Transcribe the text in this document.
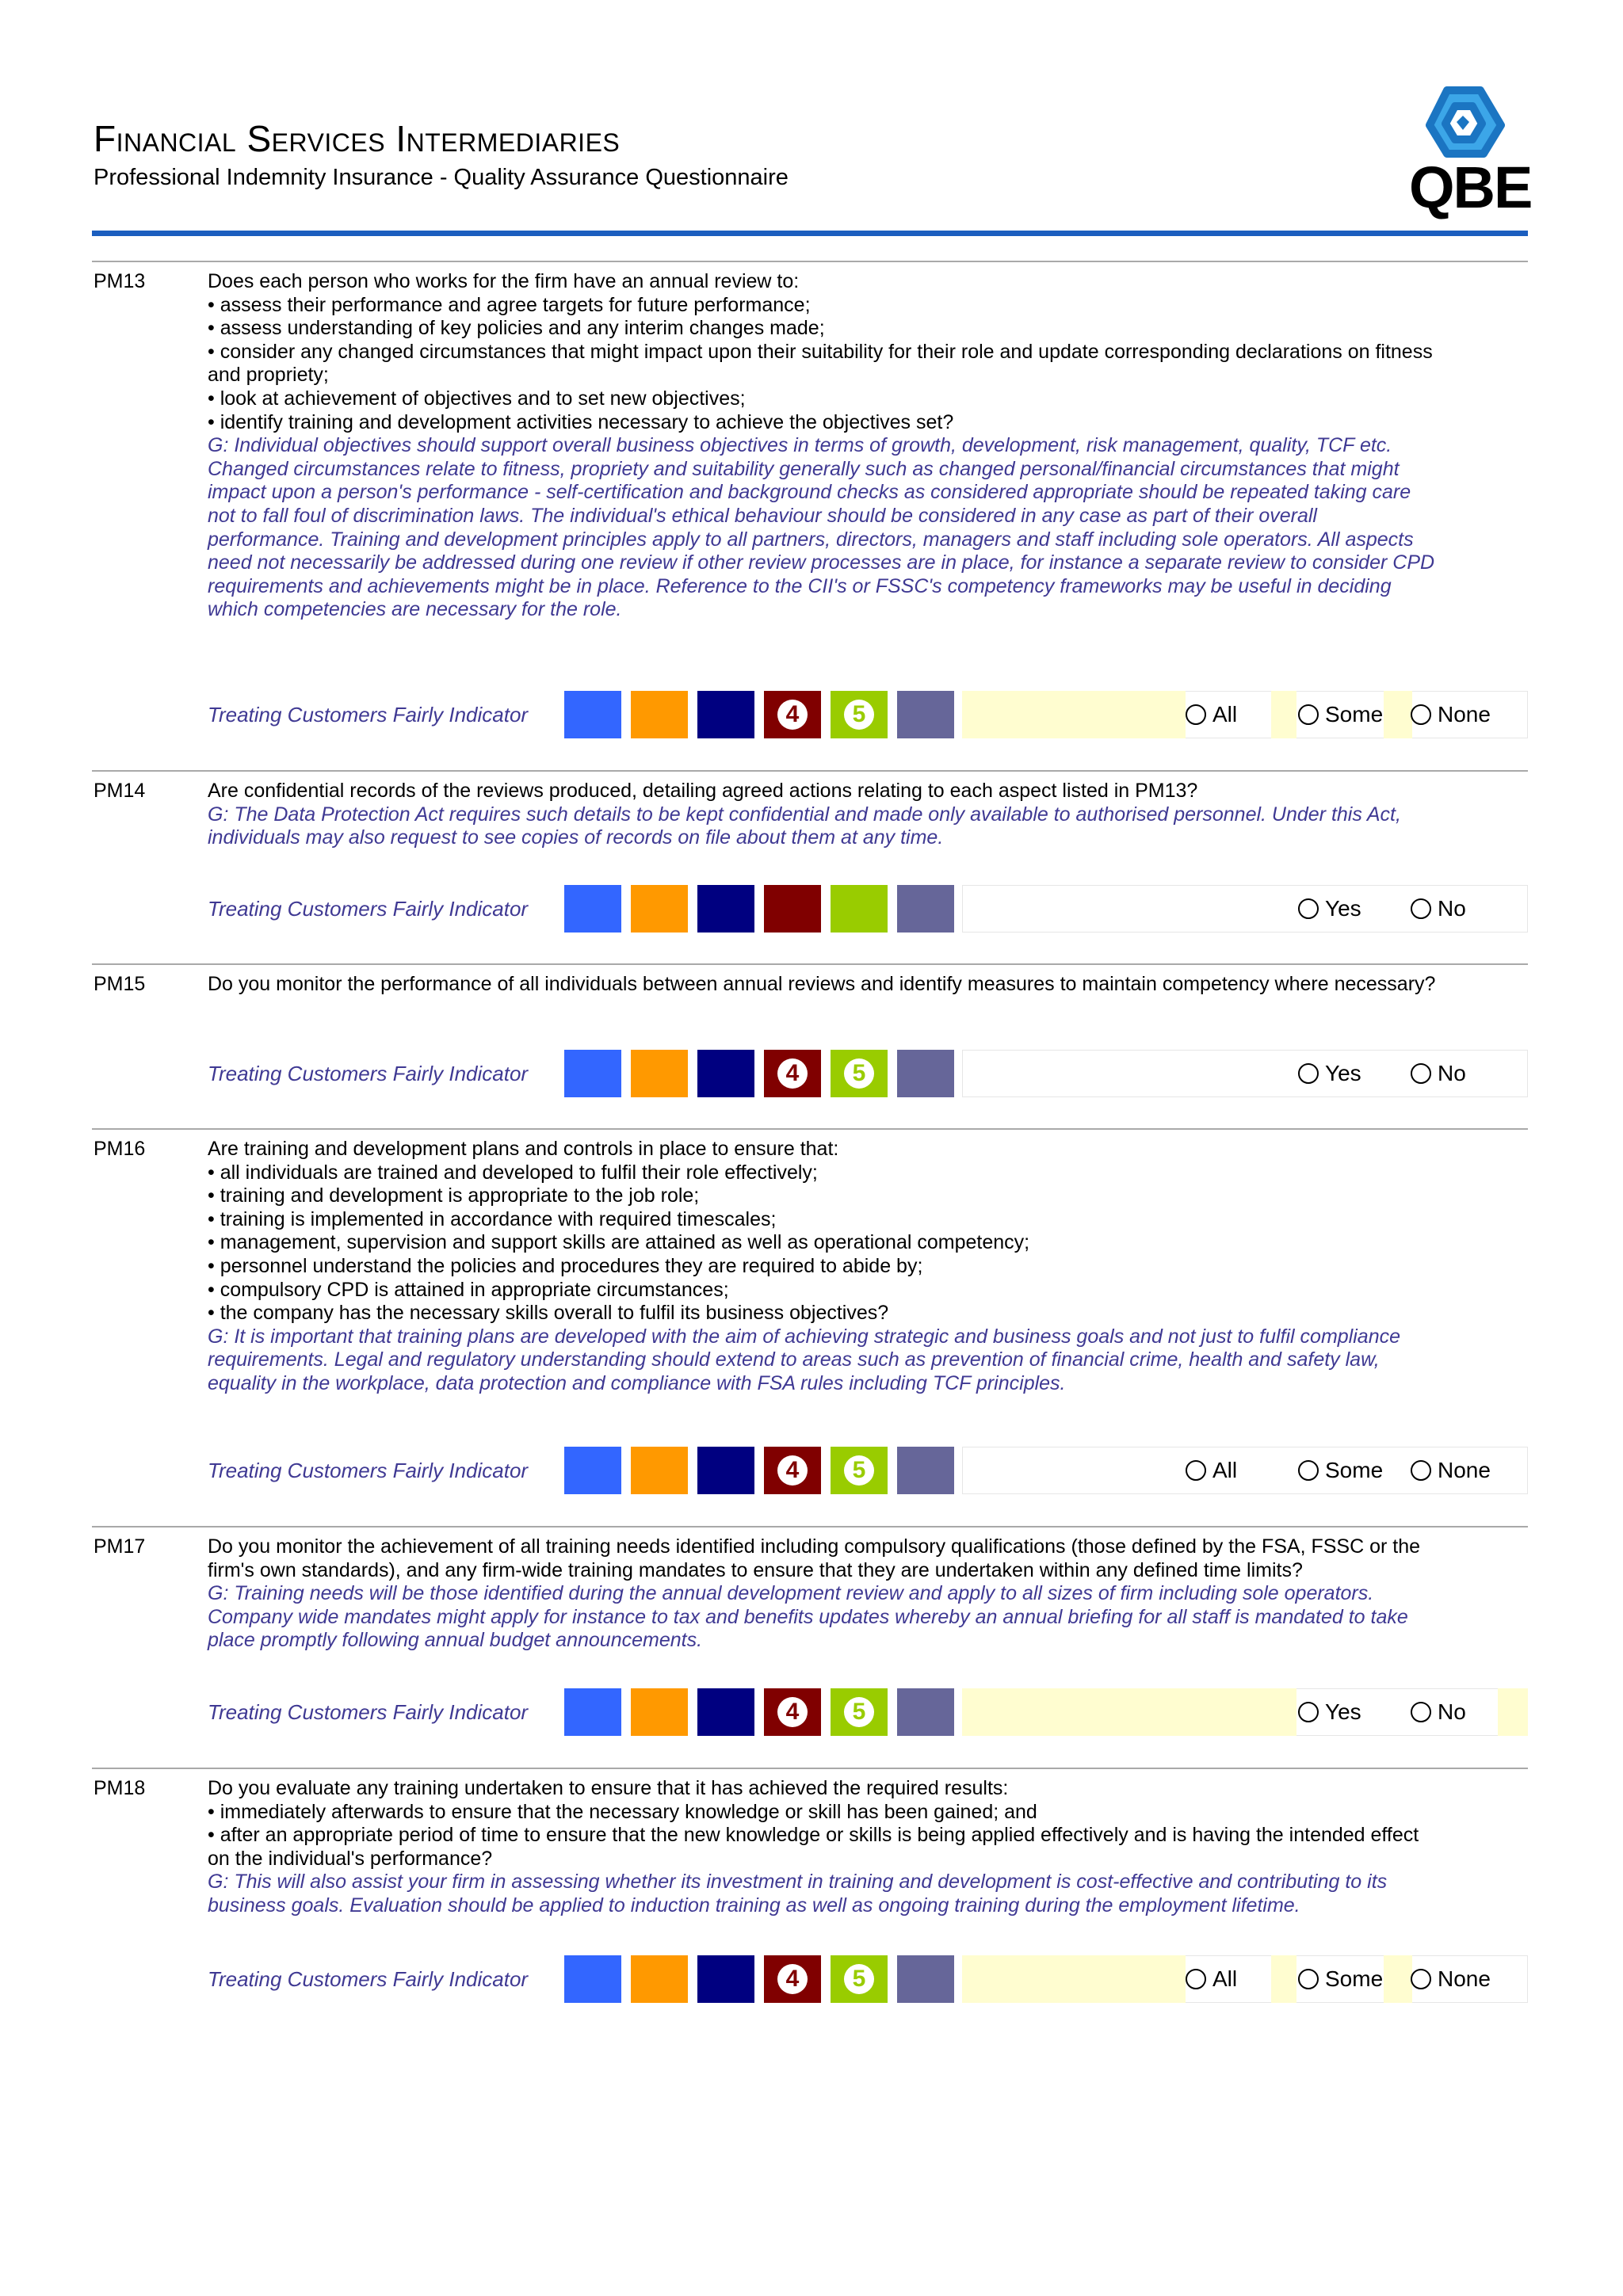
Financial Services Intermediaries
Professional Indemnity Insurance - Quality Assurance Questionnaire	QBE
PM13	Does each person who works for the firm have an annual review to:
• assess their performance and agree targets for future performance;
• assess understanding of key policies and any interim changes made;
• consider any changed circumstances that might impact upon their suitability for their role and update corresponding declarations on fitness
and propriety;
• look at achievement of objectives and to set new objectives;
• identify training and development activities necessary to achieve the objectives set?
G: Individual objectives should support overall business objectives in terms of growth, development, risk management, quality, TCF etc.
Changed circumstances relate to fitness, propriety and suitability generally such as changed personal/financial circumstances that might
impact upon a person's performance - self-certification and background checks as considered appropriate should be repeated taking care
not to fall foul of discrimination laws. The individual's ethical behaviour should be considered in any case as part of their overall
performance. Training and development principles apply to all partners, directors, managers and staff including sole operators. All aspects
need not necessarily be addressed during one review if other review processes are in place, for instance a separate review to consider CPD
requirements and achievements might be in place. Reference to the CII's or FSSC's competency frameworks may be useful in deciding
which competencies are necessary for the role.
Treating Customers Fairly Indicator	4	5	All	Some	None
PM14	Are confidential records of the reviews produced, detailing agreed actions relating to each aspect listed in PM13?
G: The Data Protection Act requires such details to be kept confidential and made only available to authorised personnel. Under this Act,
individuals may also request to see copies of records on file about them at any time.
Treating Customers Fairly Indicator	Yes	No
PM15	Do you monitor the performance of all individuals between annual reviews and identify measures to maintain competency where necessary?
Treating Customers Fairly Indicator	4	5	Yes	No
PM16	Are training and development plans and controls in place to ensure that:
• all individuals are trained and developed to fulfil their role effectively;
• training and development is appropriate to the job role;
• training is implemented in accordance with required timescales;
• management, supervision and support skills are attained as well as operational competency;
• personnel understand the policies and procedures they are required to abide by;
• compulsory CPD is attained in appropriate circumstances;
• the company has the necessary skills overall to fulfil its business objectives?
G: It is important that training plans are developed with the aim of achieving strategic and business goals and not just to fulfil compliance
requirements. Legal and regulatory understanding should extend to areas such as prevention of financial crime, health and safety law,
equality in the workplace, data protection and compliance with FSA rules including TCF principles.
Treating Customers Fairly Indicator	4	5	All	Some	None
PM17	Do you monitor the achievement of all training needs identified including compulsory qualifications (those defined by the FSA, FSSC or the
firm's own standards), and any firm-wide training mandates to ensure that they are undertaken within any defined time limits?
G: Training needs will be those identified during the annual development review and apply to all sizes of firm including sole operators.
Company wide mandates might apply for instance to tax and benefits updates whereby an annual briefing for all staff is mandated to take
place promptly following annual budget announcements.
Treating Customers Fairly Indicator	4	5	Yes	No
PM18	Do you evaluate any training undertaken to ensure that it has achieved the required results:
• immediately afterwards to ensure that the necessary knowledge or skill has been gained; and
• after an appropriate period of time to ensure that the new knowledge or skills is being applied effectively and is having the intended effect
on the individual's performance?
G: This will also assist your firm in assessing whether its investment in training and development is cost-effective and contributing to its
business goals. Evaluation should be applied to induction training as well as ongoing training during the employment lifetime.
Treating Customers Fairly Indicator	4	5	All	Some	None
